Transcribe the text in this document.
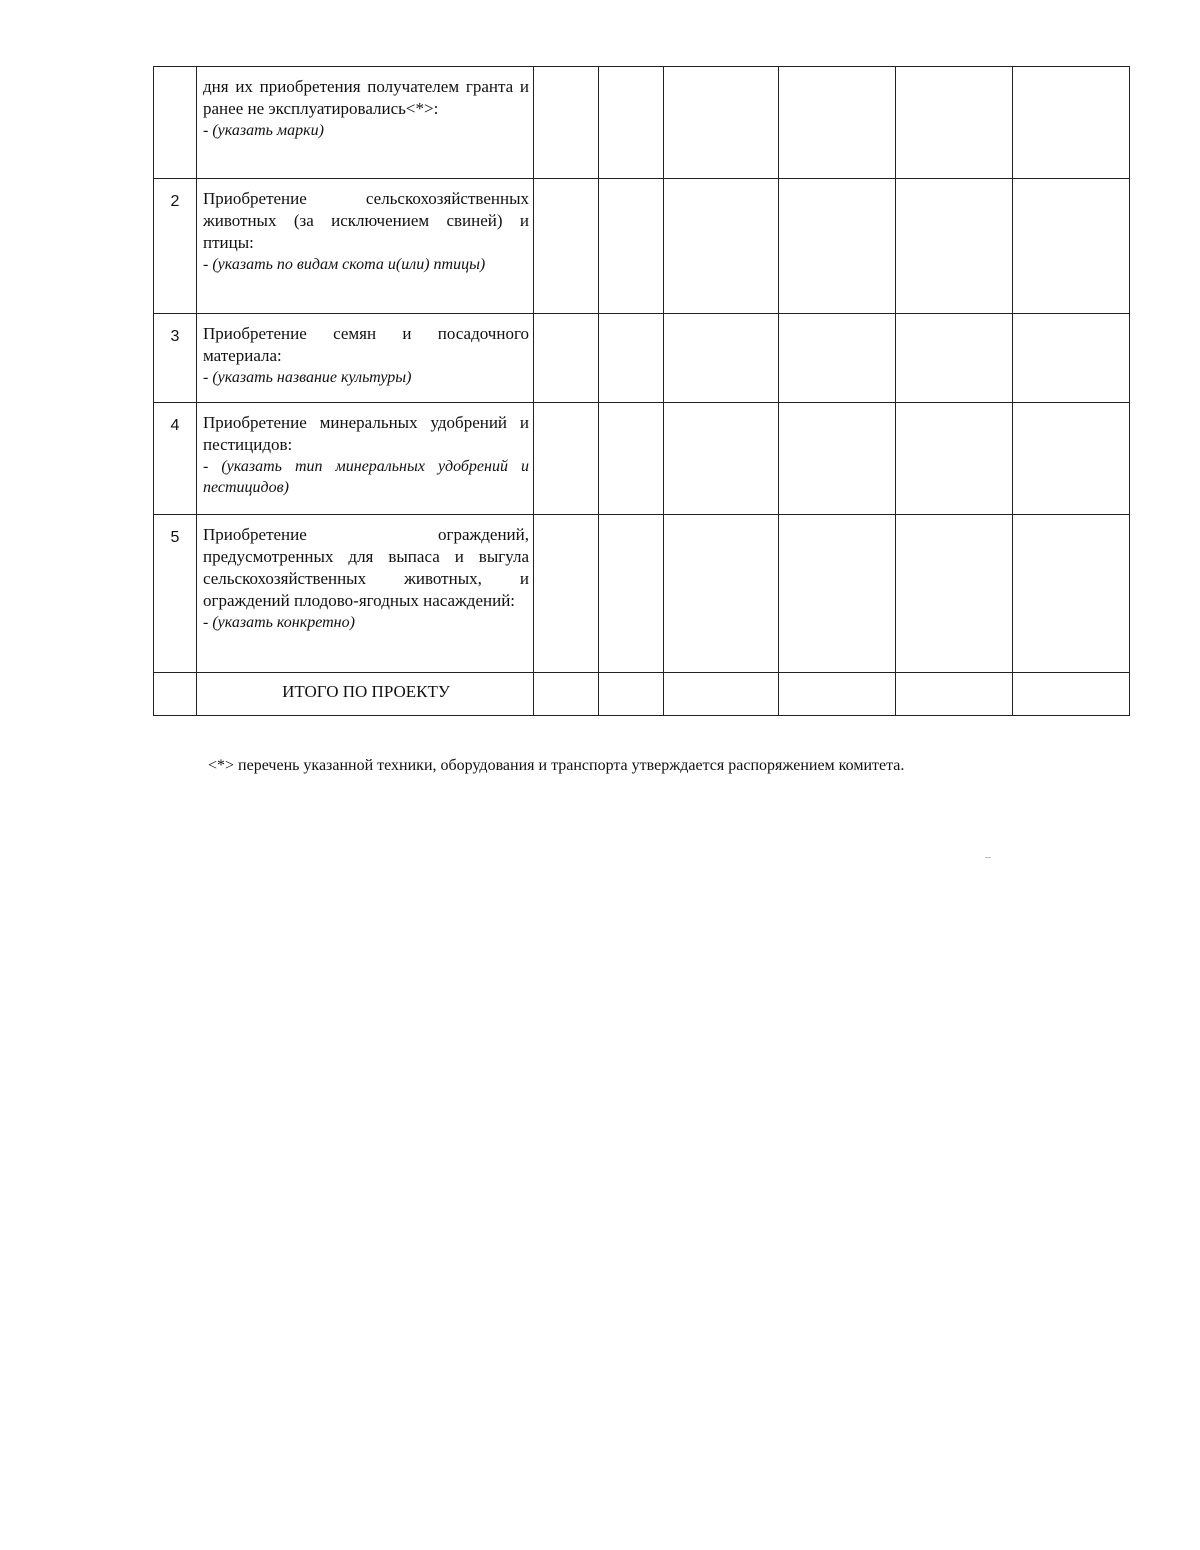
	дня их приобретения получателем гранта и ранее не эксплуатировались<*>:
- (указать марки)						

2	Приобретение сельскохозяйственных животных (за исключением свиней) и птицы:
- (указать по видам скота и(или) птицы)						

3	Приобретение семян и посадочного материала:
- (указать название культуры)						

4	Приобретение минеральных удобрений и пестицидов:
- (указать тип минеральных удобрений и пестицидов)						

5	Приобретение ограждений, предусмотренных для выпаса и выгула сельскохозяйственных животных, и ограждений плодово-ягодных насаждений:
- (указать конкретно)						

	ИТОГО ПО ПРОЕКТУ						
<*> перечень указанной техники, оборудования и транспорта утверждается распоряжением комитета.
